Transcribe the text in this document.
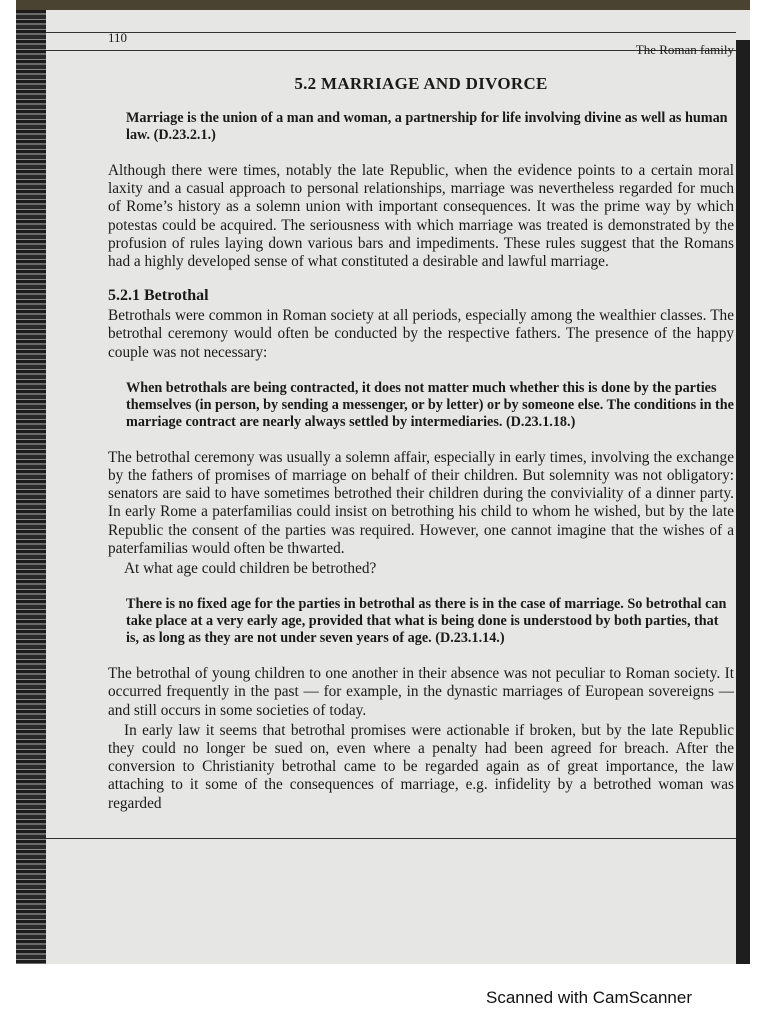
110
The Roman family
5.2 MARRIAGE AND DIVORCE
Marriage is the union of a man and woman, a partnership for life involving divine as well as human law. (D.23.2.1.)
Although there were times, notably the late Republic, when the evidence points to a certain moral laxity and a casual approach to personal relationships, marriage was nevertheless regarded for much of Rome’s history as a solemn union with important consequences. It was the prime way by which potestas could be acquired. The seriousness with which marriage was treated is demonstrated by the profusion of rules laying down various bars and impediments. These rules suggest that the Romans had a highly developed sense of what constituted a desirable and lawful marriage.
5.2.1 Betrothal
Betrothals were common in Roman society at all periods, especially among the wealthier classes. The betrothal ceremony would often be conducted by the respective fathers. The presence of the happy couple was not necessary:
When betrothals are being contracted, it does not matter much whether this is done by the parties themselves (in person, by sending a messenger, or by letter) or by someone else. The conditions in the marriage contract are nearly always settled by intermediaries. (D.23.1.18.)
The betrothal ceremony was usually a solemn affair, especially in early times, involving the exchange by the fathers of promises of marriage on behalf of their children. But solemnity was not obligatory: senators are said to have sometimes betrothed their children during the conviviality of a dinner party. In early Rome a paterfamilias could insist on betrothing his child to whom he wished, but by the late Republic the consent of the parties was required. However, one cannot imagine that the wishes of a paterfamilias would often be thwarted.
At what age could children be betrothed?
There is no fixed age for the parties in betrothal as there is in the case of marriage. So betrothal can take place at a very early age, provided that what is being done is understood by both parties, that is, as long as they are not under seven years of age. (D.23.1.14.)
The betrothal of young children to one another in their absence was not peculiar to Roman society. It occurred frequently in the past — for example, in the dynastic marriages of European sovereigns — and still occurs in some societies of today.
In early law it seems that betrothal promises were actionable if broken, but by the late Republic they could no longer be sued on, even where a penalty had been agreed for breach. After the conversion to Christianity betrothal came to be regarded again as of great importance, the law attaching to it some of the consequences of marriage, e.g. infidelity by a betrothed woman was regarded
Scanned with CamScanner
